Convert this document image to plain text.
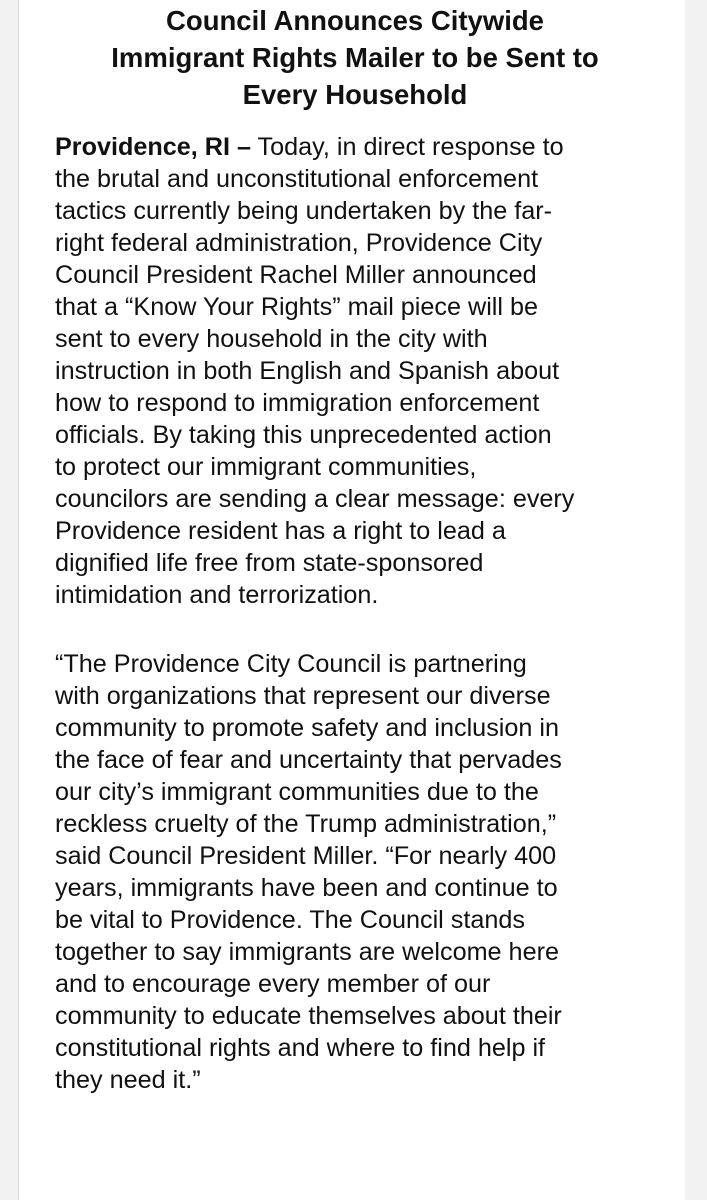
Council Announces Citywide
Immigrant Rights Mailer to be Sent to
Every Household

Providence, RI – Today, in direct response to
the brutal and unconstitutional enforcement
tactics currently being undertaken by the far-
right federal administration, Providence City
Council President Rachel Miller announced
that a “Know Your Rights” mail piece will be
sent to every household in the city with
instruction in both English and Spanish about
how to respond to immigration enforcement
officials. By taking this unprecedented action
to protect our immigrant communities,
councilors are sending a clear message: every
Providence resident has a right to lead a
dignified life free from state-sponsored
intimidation and terrorization.

“The Providence City Council is partnering
with organizations that represent our diverse
community to promote safety and inclusion in
the face of fear and uncertainty that pervades
our city’s immigrant communities due to the
reckless cruelty of the Trump administration,”
said Council President Miller. “For nearly 400
years, immigrants have been and continue to
be vital to Providence. The Council stands
together to say immigrants are welcome here
and to encourage every member of our
community to educate themselves about their
constitutional rights and where to find help if
they need it.”
